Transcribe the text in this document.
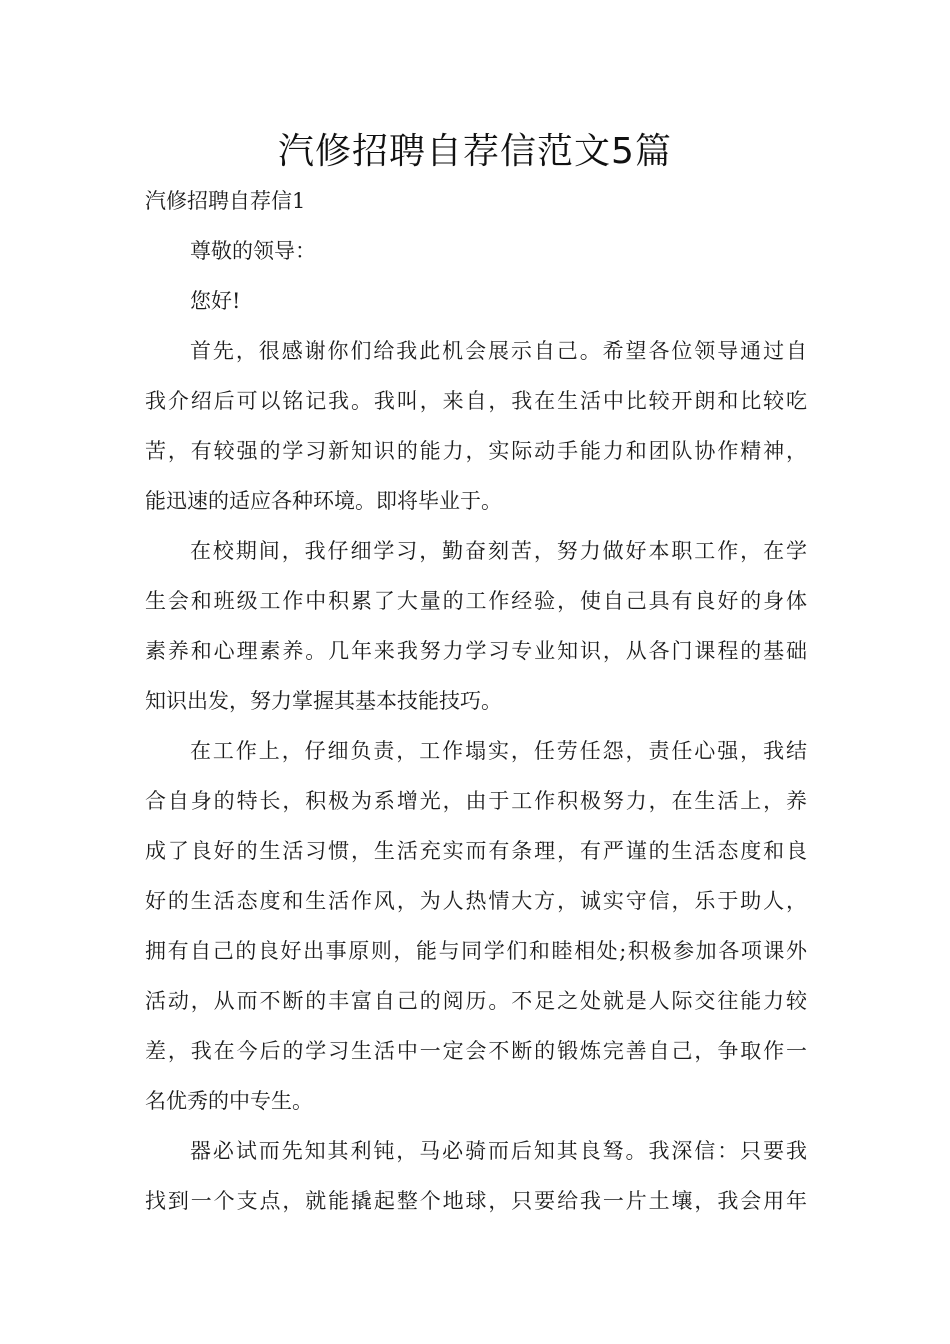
汽修招聘自荐信范文5篇

汽修招聘自荐信1

尊敬的领导：

您好!

首先，很感谢你们给我此机会展示自己。希望各位领导通过自

我介绍后可以铭记我。我叫，来自，我在生活中比较开朗和比较吃

苦，有较强的学习新知识的能力，实际动手能力和团队协作精神，

能迅速的适应各种环境。即将毕业于。

在校期间，我仔细学习，勤奋刻苦，努力做好本职工作，在学

生会和班级工作中积累了大量的工作经验，使自己具有良好的身体

素养和心理素养。几年来我努力学习专业知识，从各门课程的基础

知识出发，努力掌握其基本技能技巧。

在工作上，仔细负责，工作塌实，任劳任怨，责任心强，我结

合自身的特长，积极为系增光，由于工作积极努力，在生活上，养

成了良好的生活习惯，生活充实而有条理，有严谨的生活态度和良

好的生活态度和生活作风，为人热情大方，诚实守信，乐于助人，

拥有自己的良好出事原则，能与同学们和睦相处;积极参加各项课外

活动，从而不断的丰富自己的阅历。不足之处就是人际交往能力较

差，我在今后的学习生活中一定会不断的锻炼完善自己，争取作一

名优秀的中专生。

器必试而先知其利钝，马必骑而后知其良驽。我深信：只要我

找到一个支点，就能撬起整个地球，只要给我一片土壤，我会用年
